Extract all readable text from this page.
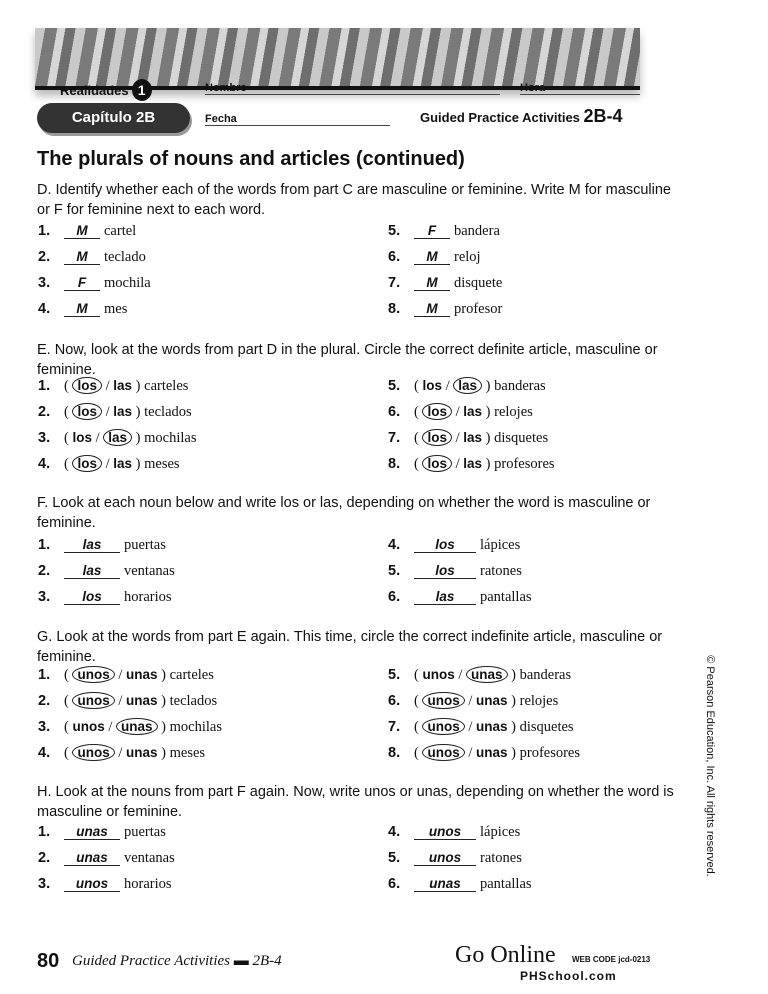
Realidades 1	Nombre	Hora
Capítulo 2B	Fecha	Guided Practice Activities 2B-4
The plurals of nouns and articles (continued)
D. Identify whether each of the words from part C are masculine or feminine. Write M for masculine or F for feminine next to each word.
E. Now, look at the words from part D in the plural. Circle the correct definite article, masculine or feminine.
F. Look at each noun below and write los or las, depending on whether the word is masculine or feminine.
G. Look at the words from part E again. This time, circle the correct indefinite article, masculine or feminine.
H. Look at the nouns from part F again. Now, write unos or unas, depending on whether the word is masculine or feminine.	© Pearson Education, Inc. All rights reserved.
80 Guided Practice Activities ▬ 2B-4	Go Online WEB CODE jcd-0213
PHSchool.com
1. M cartel
2. M teclado
3. F mochila
4. M mes
5. F bandera
6. M reloj
7. M disquete
8. M profesor
1. ( los / las ) carteles
2. ( los / las ) teclados
3. ( los / las ) mochilas
4. ( los / las ) meses
5. ( los / las ) banderas
6. ( los / las ) relojes
7. ( los / las ) disquetes
8. ( los / las ) profesores
1. las puertas
2. las ventanas
3. los horarios
4.	los lápices
5.	los ratones
6.	las pantallas
1. ( unos / unas ) carteles
2. ( unos / unas ) teclados
3. ( unos / unas ) mochilas
4. ( unos / unas ) meses
5. ( unos / unas ) banderas
6. ( unos / unas ) relojes
7. ( unos / unas ) disquetes
8. ( unos / unas ) profesores
1. unas puertas
2. unas ventanas
3. unos horarios
4. unos lápices
5. unos ratones
6. unas pantallas
